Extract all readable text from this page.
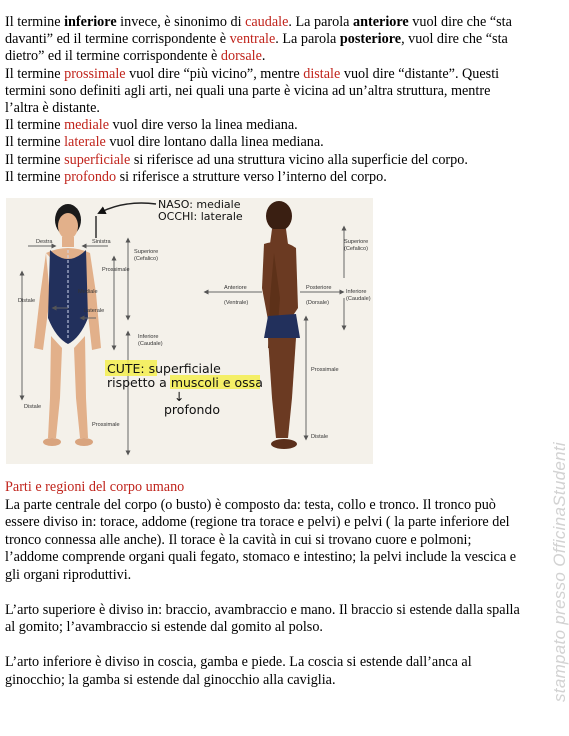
Il termine inferiore invece, è sinonimo di caudale. La parola anteriore vuol dire che “sta

davanti” ed il termine corrispondente è ventrale. La parola posteriore, vuol dire che “sta

dietro” ed il termine corrispondente è dorsale.

Il termine prossimale vuol dire “più vicino”, mentre distale vuol dire “distante”. Questi

termini sono definiti agli arti, nei quali una parte è vicina ad un’altra struttura, mentre

l’altra è distante.

Il termine mediale vuol dire verso la linea mediana.

Il termine laterale vuol dire lontano dalla linea mediana.

Il termine superficiale si riferisce ad una struttura vicino alla superficie del corpo.

Il termine profondo si riferisce a strutture verso l’interno del corpo.

NASO: mediale
OCCHI: laterale
CUTE: superficiale
rispetto a muscoli e ossa
↓
profondo
Destra	Sinistra
Mediale
Laterale
Prossimale
Distale
Superiore
(Cefalico)
Inferiore
(Caudale)
Distale
Prossimale
Anteriore
(Ventrale)
Posteriore
(Dorsale)
Superiore
(Cefalico)
Inferiore
(Caudale)
Prossimale
Distale

Parti e regioni del corpo umano

La parte centrale del corpo (o busto) è composto da: testa, collo e tronco. Il tronco può

essere diviso in: torace, addome (regione tra torace e pelvi) e pelvi ( la parte inferiore del

tronco connessa alle anche). Il torace è la cavità in cui si trovano cuore e polmoni;

l’addome comprende organi quali fegato, stomaco e intestino; la pelvi include la vescica e

gli organi riproduttivi.

L’arto superiore è diviso in: braccio, avambraccio e mano. Il braccio si estende dalla spalla

al gomito; l’avambraccio si estende dal gomito al polso.

L’arto inferiore è diviso in coscia, gamba e piede. La coscia si estende dall’anca al

ginocchio; la gamba si estende dal ginocchio alla caviglia.	stampato presso OfficinaStudenti
